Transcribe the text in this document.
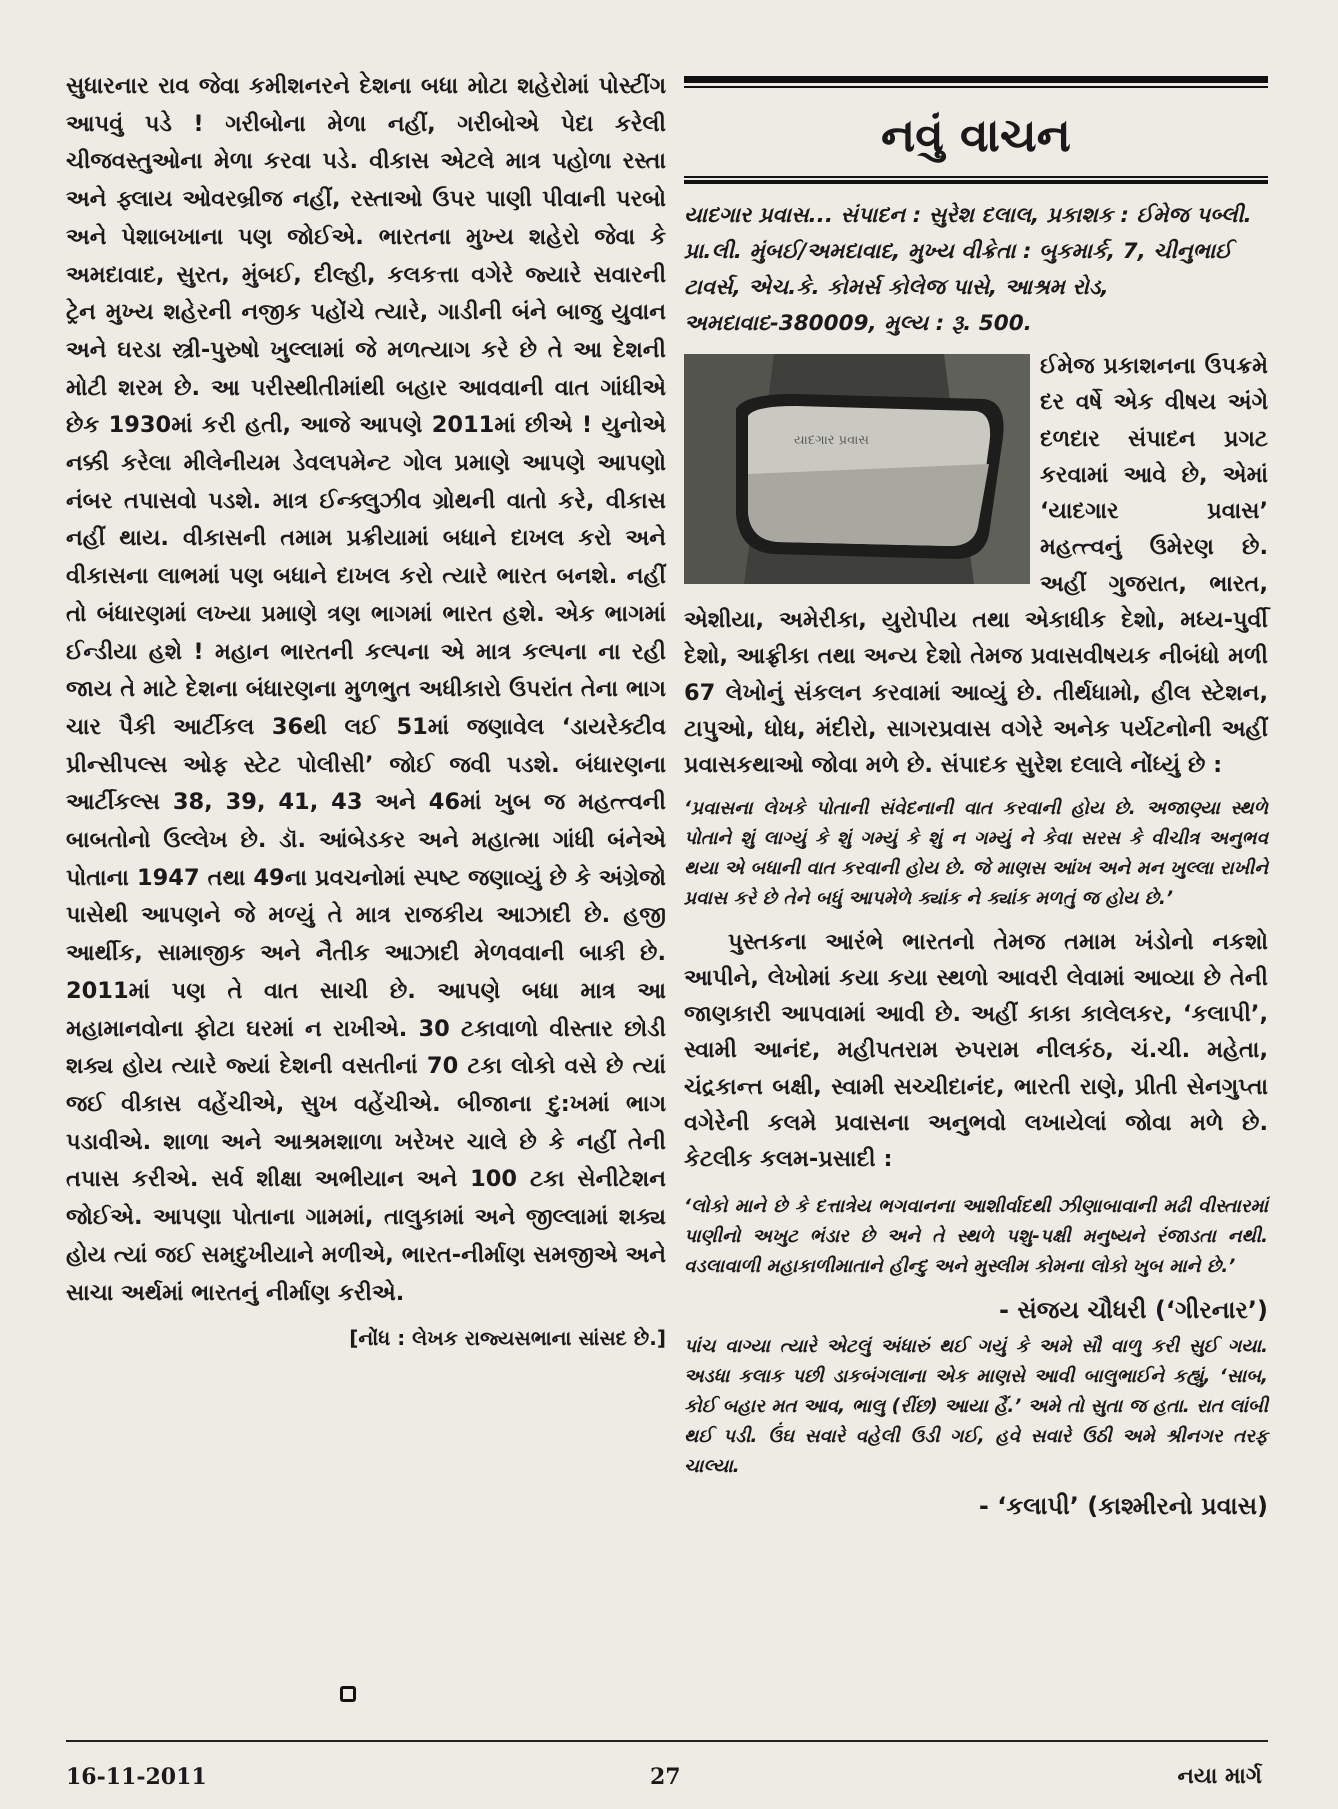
સુધારનાર રાવ જેવા કમીશનરને દેશના બધા મોટા શહેરોમાં પોસ્ટીંગ આપવું પડે ! ગરીબોના મેળા નહીં, ગરીબોએ પેદા કરેલી ચીજવસ્તુઓના મેળા કરવા પડે. વીકાસ એટલે માત્ર પહોળા રસ્તા અને ફ્લાય ઓવરબ્રીજ નહીં, રસ્તાઓ ઉપર પાણી પીવાની પરબો અને પેશાબખાના પણ જોઈએ. ભારતના મુખ્ય શહેરો જેવા કે અમદાવાદ, સુરત, મુંબઈ, દીલ્હી, કલકત્તા વગેરે જ્યારે સવારની ટ્રેન મુખ્ય શહેરની નજીક પહોંચે ત્યારે, ગાડીની બંને બાજુ યુવાન અને ઘરડા સ્ત્રી-પુરુષો ખુલ્લામાં જે મળત્યાગ કરે છે તે આ દેશની મોટી શરમ છે. આ પરીસ્થીતીમાંથી બહાર આવવાની વાત ગાંધીએ છેક 1930માં કરી હતી, આજે આપણે 2011માં છીએ ! યુનોએ નક્કી કરેલા મીલેનીયમ ડેવલપમેન્ટ ગોલ પ્રમાણે આપણે આપણો નંબર તપાસવો પડશે. માત્ર ઈન્ક્લુઝીવ ગ્રોથની વાતો કરે, વીકાસ નહીં થાય. વીકાસની તમામ પ્રક્રીયામાં બધાને દાખલ કરો અને વીકાસના લાભમાં પણ બધાને દાખલ કરો ત્યારે ભારત બનશે. નહીં તો બંધારણમાં લખ્યા પ્રમાણે ત્રણ ભાગમાં ભારત હશે. એક ભાગમાં ઈન્ડીયા હશે ! મહાન ભારતની કલ્પના એ માત્ર કલ્પના ના રહી જાય તે માટે દેશના બંધારણના મુળભુત અધીકારો ઉપરાંત તેના ભાગ ચાર પૈકી આર્ટીકલ 36થી લઈ 51માં જણાવેલ ‘ડાયરેક્ટીવ પ્રીન્સીપલ્સ ઓફ સ્ટેટ પોલીસી’ જોઈ જવી પડશે. બંધારણના આર્ટીકલ્સ 38, 39, 41, 43 અને 46માં ખુબ જ મહત્ત્વની બાબતોનો ઉલ્લેખ છે. ડૉ. આંબેડકર અને મહાત્મા ગાંધી બંનેએ પોતાના 1947 તથા 49ના પ્રવચનોમાં સ્પષ્ટ જણાવ્યું છે કે અંગ્રેજો પાસેથી આપણને જે મળ્યું તે માત્ર રાજકીય આઝાદી છે. હજી આર્થીક, સામાજીક અને નૈતીક આઝાદી મેળવવાની બાકી છે. 2011માં પણ તે વાત સાચી છે. આપણે બધા માત્ર આ મહામાનવોના ફોટા ઘરમાં ન રાખીએ. 30 ટકાવાળો વીસ્તાર છોડી શક્ય હોય ત્યારે જ્યાં દેશની વસતીનાં 70 ટકા લોકો વસે છે ત્યાં જઈ વીકાસ વહેંચીએ, સુખ વહેંચીએ. બીજાના દુ:ખમાં ભાગ પડાવીએ. શાળા અને આશ્રમશાળા ખરેખર ચાલે છે કે નહીં તેની તપાસ કરીએ. સર્વ શીક્ષા અભીયાન અને 100 ટકા સેનીટેશન જોઈએ. આપણા પોતાના ગામમાં, તાલુકામાં અને જીલ્લામાં શક્ય હોય ત્યાં જઈ સમદુખીયાને મળીએ, ભારત-નીર્માણ સમજીએ અને સાચા અર્થમાં ભારતનું નીર્માણ કરીએ.

[નોંધ : લેખક રાજ્યસભાના સાંસદ છે.]
નવું વાચન
યાદગાર પ્રવાસ... સંપાદન : સુરેશ દલાલ, પ્રકાશક : ઈમેજ પબ્લી. પ્રા.લી. મુંબઈ/અમદાવાદ, મુખ્ય વીક્રેતા : બુકમાર્ક, 7, ચીનુભાઈ ટાવર્સ, એચ.કે. કોમર્સ કોલેજ પાસે, આશ્રમ રોડ, અમદાવાદ-380009, મુલ્ય : રૂ. 500.
યાદગાર પ્રવાસ

ઈમેજ પ્રકાશનના ઉપક્રમે દર વર્ષે એક વીષય અંગે દળદાર સંપાદન પ્રગટ કરવામાં આવે છે, એમાં ‘યાદગાર પ્રવાસ’ મહત્ત્વનું ઉમેરણ છે. અહીં ગુજરાત, ભારત, એશીયા, અમેરીકા, યુરોપીય તથા એકાધીક દેશો, મધ્ય-પુર્વી દેશો, આફ્રીકા તથા અન્ય દેશો તેમજ પ્રવાસવીષયક નીબંધો મળી 67 લેખોનું સંકલન કરવામાં આવ્યું છે. તીર્થધામો, હીલ સ્ટેશન, ટાપુઓ, ધોધ, મંદીરો, સાગરપ્રવાસ વગેરે અનેક પર્યટનોની અહીં પ્રવાસકથાઓ જોવા મળે છે. સંપાદક સુરેશ દલાલે નોંધ્યું છે :

‘પ્રવાસના લેખકે પોતાની સંવેદનાની વાત કરવાની હોય છે. અજાણ્યા સ્થળે પોતાને શું લાગ્યું કે શું ગમ્યું કે શું ન ગમ્યું ને કેવા સરસ કે વીચીત્ર અનુભવ થયા એ બધાની વાત કરવાની હોય છે. જે માણસ આંખ અને મન ખુલ્લા રાખીને પ્રવાસ કરે છે તેને બધું આપમેળે ક્યાંક ને ક્યાંક મળતું જ હોય છે.’

પુસ્તકના આરંભે ભારતનો તેમજ તમામ ખંડોનો નકશો આપીને, લેખોમાં કયા કયા સ્થળો આવરી લેવામાં આવ્યા છે તેની જાણકારી આપવામાં આવી છે. અહીં કાકા કાલેલકર, ‘કલાપી’, સ્વામી આનંદ, મહીપતરામ રુપરામ નીલકંઠ, ચં.ચી. મહેતા, ચંદ્રકાન્ત બક્ષી, સ્વામી સચ્ચીદાનંદ, ભારતી રાણે, પ્રીતી સેનગુપ્તા વગેરેની કલમે પ્રવાસના અનુભવો લખાયેલાં જોવા મળે છે. કેટલીક કલમ-પ્રસાદી :

‘લોકો માને છે કે દત્તાત્રેય ભગવાનના આશીર્વાદથી ઝીણાબાવાની મઢી વીસ્તારમાં પાણીનો અખુટ ભંડાર છે અને તે સ્થળે પશુ-પક્ષી મનુષ્યને રંજાડતા નથી. વડલાવાળી મહાકાળીમાતાને હીન્દુ અને મુસ્લીમ કોમના લોકો ખુબ માને છે.’
- સંજય ચૌધરી (‘ગીરનાર’)
પાંચ વાગ્યા ત્યારે એટલું અંધારું થઈ ગયું કે અમે સૌ વાળુ કરી સુઈ ગયા. અડધા કલાક પછી ડાકબંગલાના એક માણસે આવી બાલુભાઈને કહ્યું, ‘સાબ, કોઈ બહાર મત આવ, ભાલુ (રીંછ) આયા હૈં.’ અમે તો સુતા જ હતા. રાત લાંબી થઈ પડી. ઉંઘ સવારે વહેલી ઉડી ગઈ, હવે સવારે ઉઠી અમે શ્રીનગર તરફ ચાલ્યા.
- ‘કલાપી’ (કાશ્મીરનો પ્રવાસ)
16-11-2011	27	નયા માર્ગ
